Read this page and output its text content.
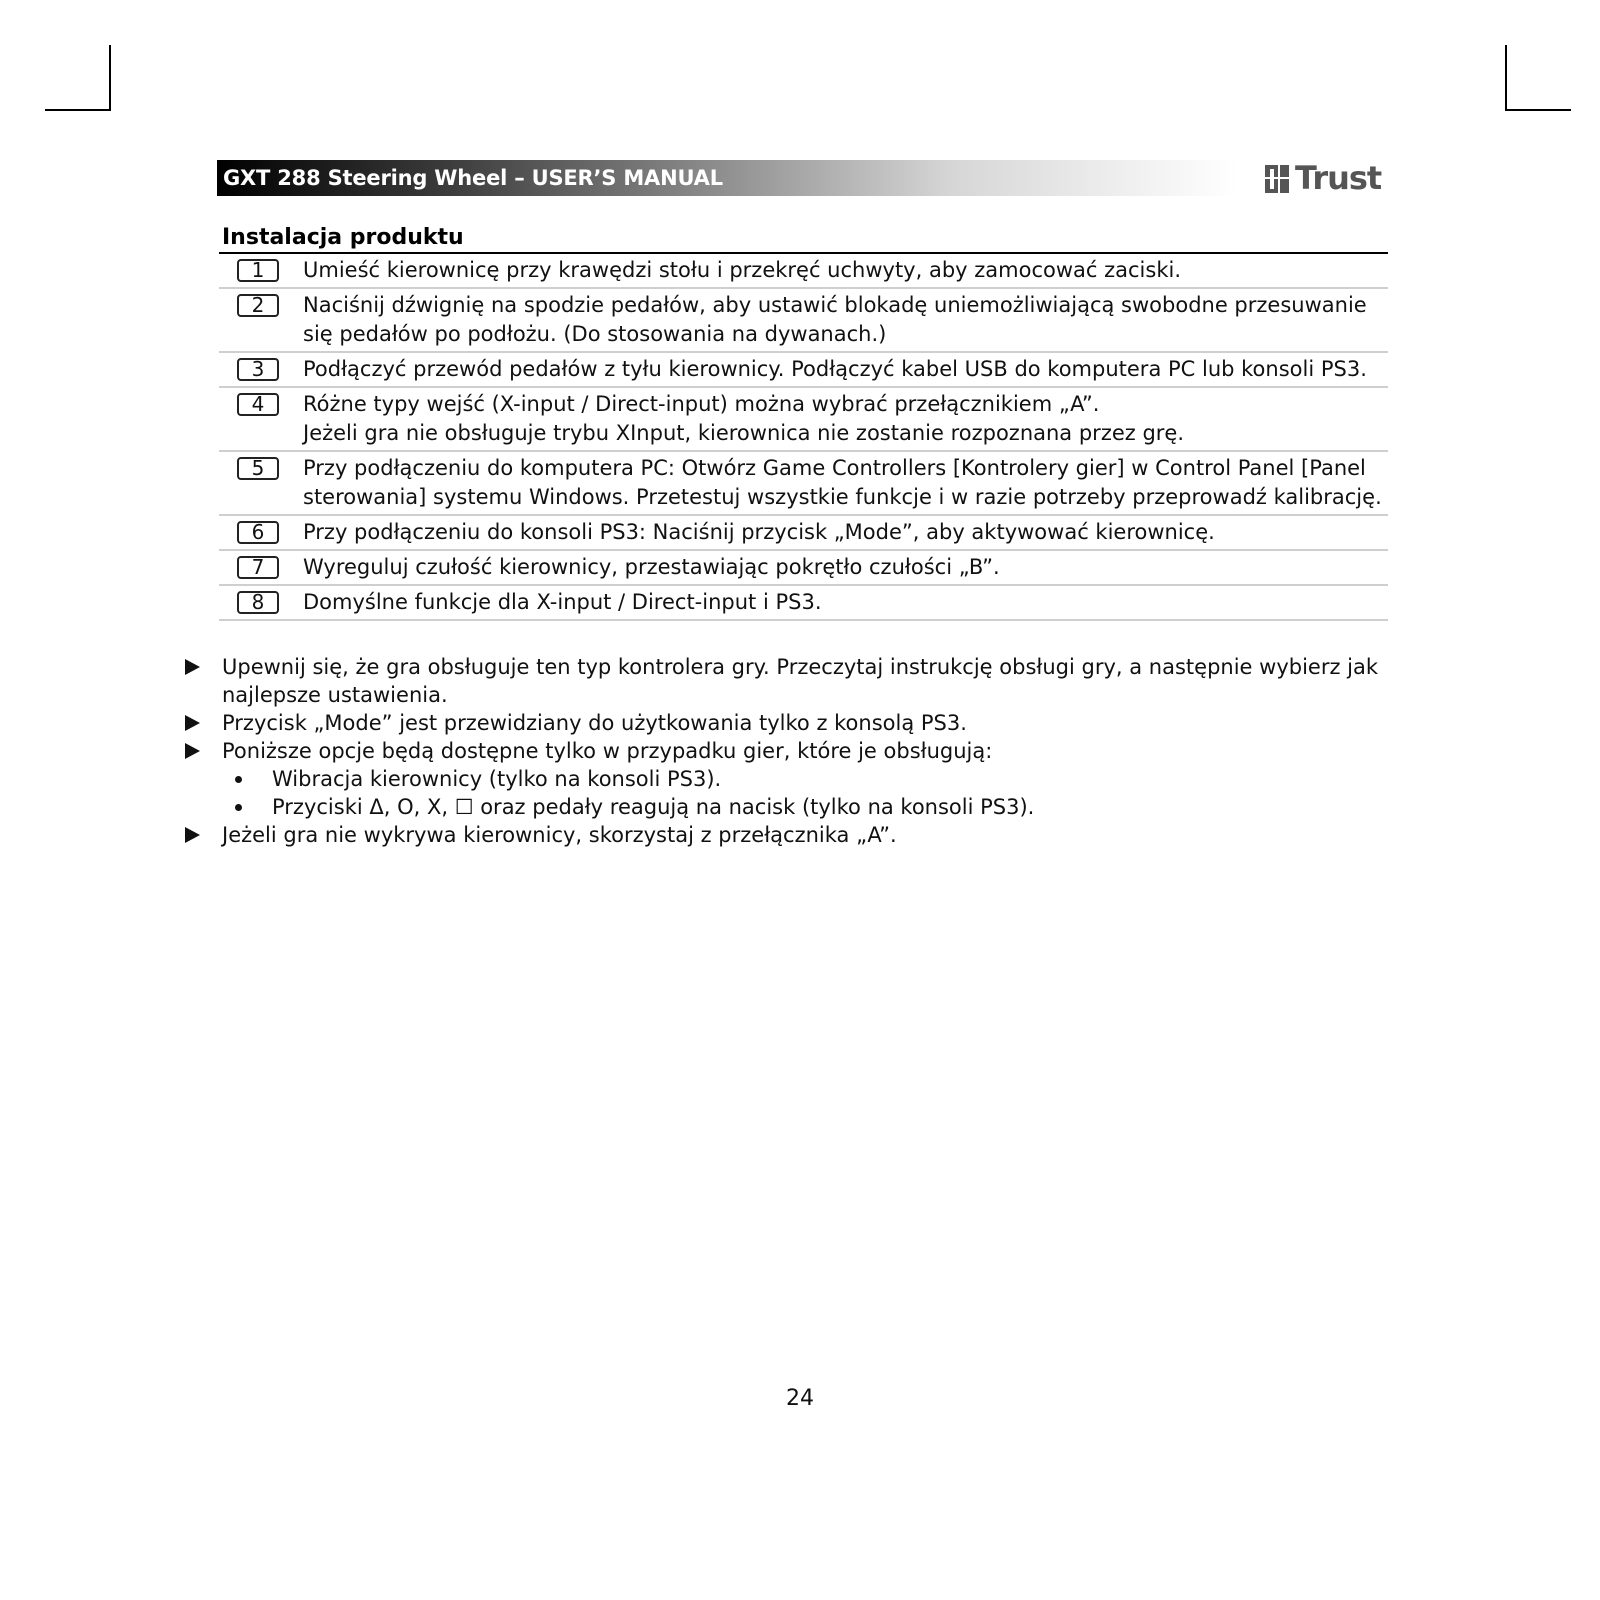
GXT 288 Steering Wheel – USER’S MANUAL	Trust
Instalacja produktu
1	Umieść kierownicę przy krawędzi stołu i przekręć uchwyty, aby zamocować zaciski.
2	Naciśnij dźwignię na spodzie pedałów, aby ustawić blokadę uniemożliwiającą swobodne przesuwanie się pedałów po podłożu. (Do stosowania na dywanach.)
3	Podłączyć przewód pedałów z tyłu kierownicy. Podłączyć kabel USB do komputera PC lub konsoli PS3.
4	Różne typy wejść (X-input / Direct-input) można wybrać przełącznikiem „A”.
Jeżeli gra nie obsługuje trybu XInput, kierownica nie zostanie rozpoznana przez grę.
5	Przy podłączeniu do komputera PC: Otwórz Game Controllers [Kontrolery gier] w Control Panel [Panel sterowania] systemu Windows. Przetestuj wszystkie funkcje i w razie potrzeby przeprowadź kalibrację.
6	Przy podłączeniu do konsoli PS3: Naciśnij przycisk „Mode”, aby aktywować kierownicę.
7	Wyreguluj czułość kierownicy, przestawiając pokrętło czułości „B”.
8	Domyślne funkcje dla X-input / Direct-input i PS3.
Upewnij się, że gra obsługuje ten typ kontrolera gry. Przeczytaj instrukcję obsługi gry, a następnie wybierz jak najlepsze ustawienia.
Przycisk „Mode” jest przewidziany do użytkowania tylko z konsolą PS3.
Poniższe opcje będą dostępne tylko w przypadku gier, które je obsługują:
Wibracja kierownicy (tylko na konsoli PS3).
Przyciski Δ, O, X, ☐ oraz pedały reagują na nacisk (tylko na konsoli PS3).
Jeżeli gra nie wykrywa kierownicy, skorzystaj z przełącznika „A”.
24
